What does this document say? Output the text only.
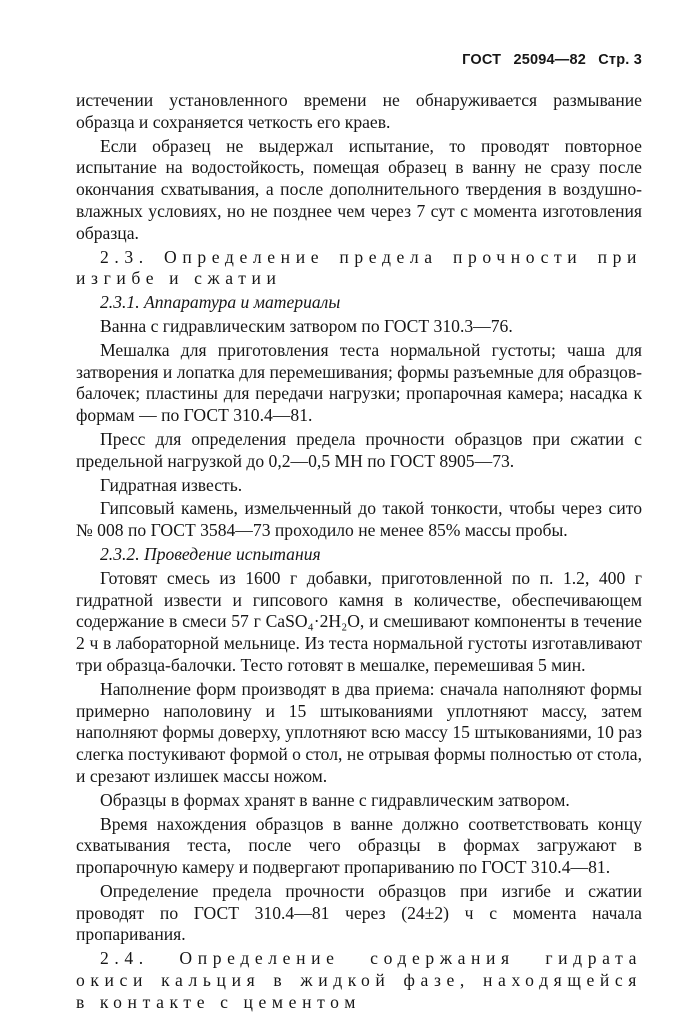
ГОСТ 25094—82 Стр. 3

истечении установленного времени не обнаруживается размывание образца и сохраняется четкость его краев.

Если образец не выдержал испытание, то проводят повторное испытание на водостойкость, помещая образец в ванну не сразу после окончания схватывания, а после дополнительного твердения в воздушно-влажных условиях, но не позднее чем через 7 сут с момента изготовления образца.

2.3. Определение предела прочности при изгибе и сжатии

2.3.1. Аппаратура и материалы

Ванна с гидравлическим затвором по ГОСТ 310.3—76.

Мешалка для приготовления теста нормальной густоты; чаша для затворения и лопатка для перемешивания; формы разъемные для образцов-балочек; пластины для передачи нагрузки; пропарочная камера; насадка к формам — по ГОСТ 310.4—81.

Пресс для определения предела прочности образцов при сжатии с предельной нагрузкой до 0,2—0,5 МН по ГОСТ 8905—73.

Гидратная известь.

Гипсовый камень, измельченный до такой тонкости, чтобы через сито № 008 по ГОСТ 3584—73 проходило не менее 85% массы пробы.

2.3.2. Проведение испытания

Готовят смесь из 1600 г добавки, приготовленной по п. 1.2, 400 г гидратной извести и гипсового камня в количестве, обеспечивающем содержание в смеси 57 г CaSO₄·2H₂O, и смешивают компоненты в течение 2 ч в лабораторной мельнице. Из теста нормальной густоты изготавливают три образца-балочки. Тесто готовят в мешалке, перемешивая 5 мин.

Наполнение форм производят в два приема: сначала наполняют формы примерно наполовину и 15 штыкованиями уплотняют массу, затем наполняют формы доверху, уплотняют всю массу 15 штыкованиями, 10 раз слегка постукивают формой о стол, не отрывая формы полностью от стола, и срезают излишек массы ножом.

Образцы в формах хранят в ванне с гидравлическим затвором.

Время нахождения образцов в ванне должно соответствовать концу схватывания теста, после чего образцы в формах загружают в пропарочную камеру и подвергают пропариванию по ГОСТ 310.4—81.

Определение предела прочности образцов при изгибе и сжатии проводят по ГОСТ 310.4—81 через (24±2) ч с момента начала пропаривания.

2.4. Определение содержания гидрата окиси кальция в жидкой фазе, находящейся в контакте с цементом
